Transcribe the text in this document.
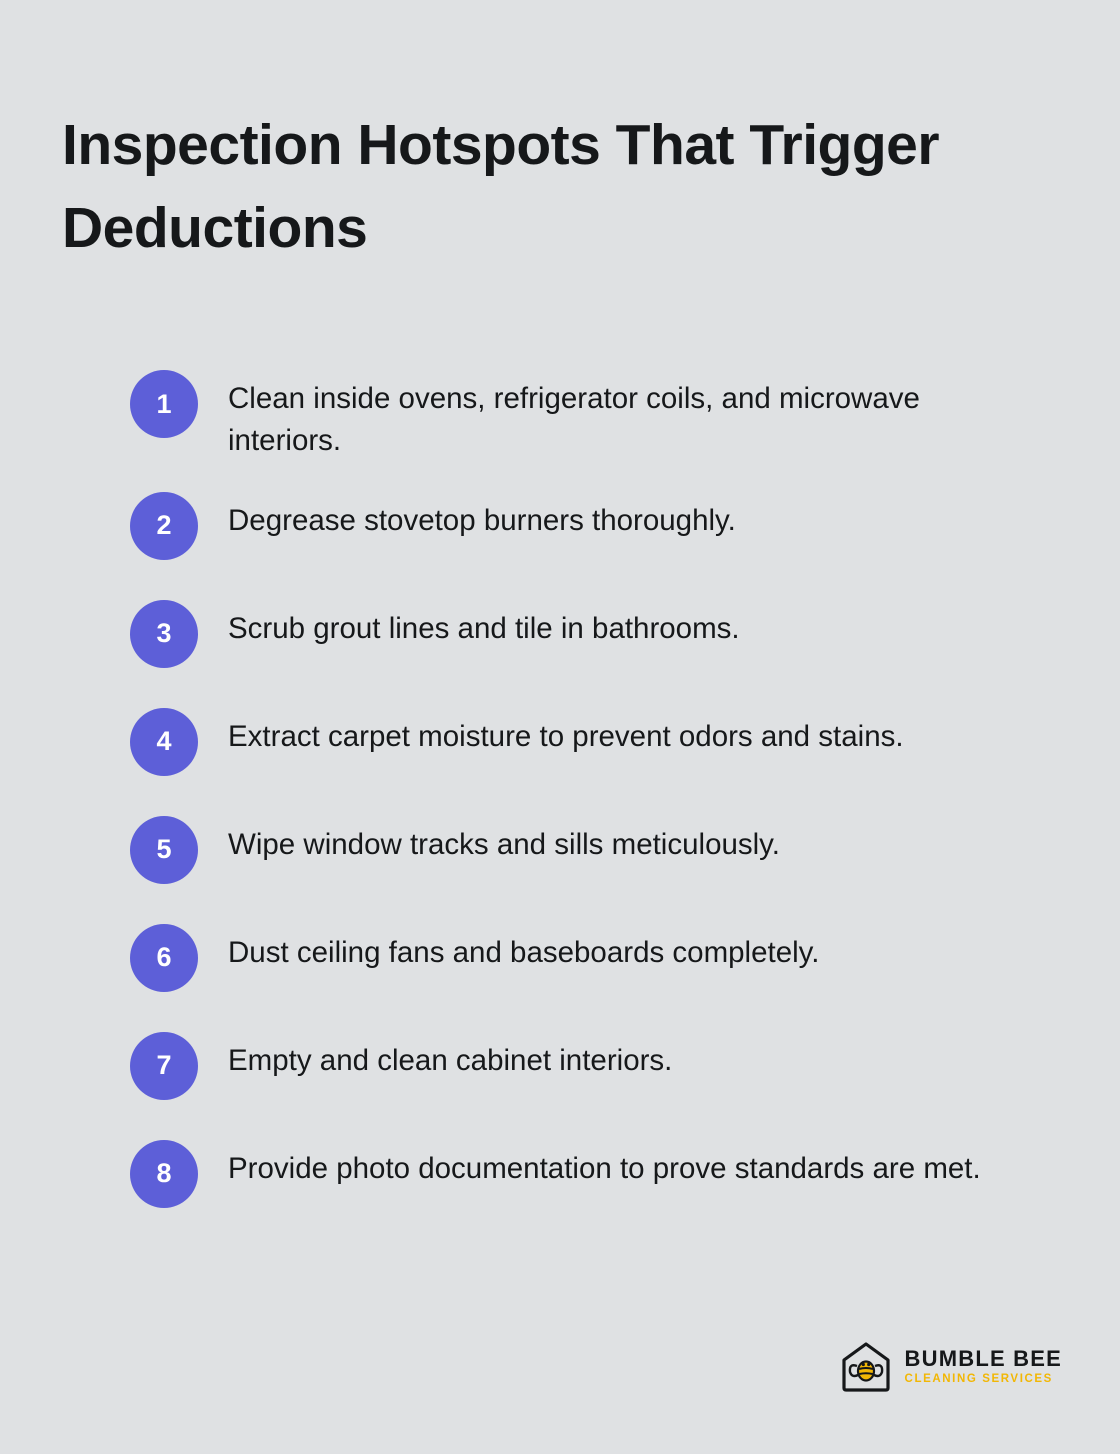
Inspection Hotspots That Trigger Deductions
1	Clean inside ovens, refrigerator coils, and microwave interiors.
2	Degrease stovetop burners thoroughly.
3	Scrub grout lines and tile in bathrooms.
4	Extract carpet moisture to prevent odors and stains.
5	Wipe window tracks and sills meticulously.
6	Dust ceiling fans and baseboards completely.
7	Empty and clean cabinet interiors.
8	Provide photo documentation to prove standards are met.
BUMBLE BEE
CLEANING SERVICES
